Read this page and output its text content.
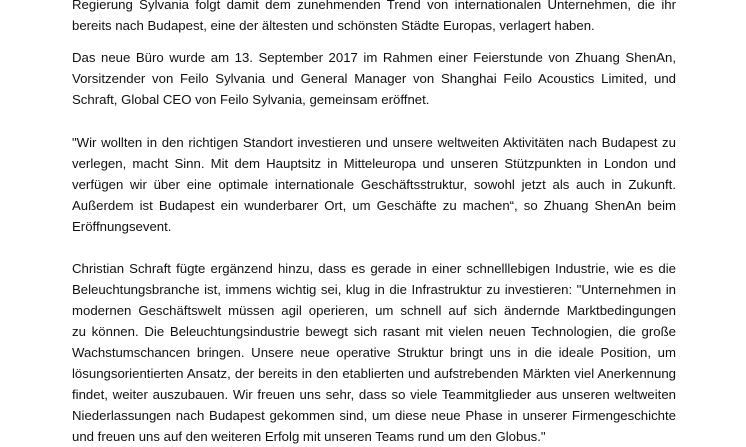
Regierung Sylvania folgt damit dem zunehmenden Trend von internationalen Unternehmen, die ihr
bereits nach Budapest, eine der ältesten und schönsten Städte Europas, verlagert haben.
Das neue Büro wurde am 13. September 2017 im Rahmen einer Feierstunde von Zhuang ShenAn,
Vorsitzender von Feilo Sylvania und General Manager von Shanghai Feilo Acoustics Limited, und
Schraft, Global CEO von Feilo Sylvania, gemeinsam eröffnet.
"Wir wollten in den richtigen Standort investieren und unsere weltweiten Aktivitäten nach Budapest zu
verlegen, macht Sinn. Mit dem Hauptsitz in Mitteleuropa und unseren Stützpunkten in London und
verfügen wir über eine optimale internationale Geschäftsstruktur, sowohl jetzt als auch in Zukunft.
Außerdem ist Budapest ein wunderbarer Ort, um Geschäfte zu machen“, so Zhuang ShenAn beim
Eröffnungsevent.
Christian Schraft fügte ergänzend hinzu, dass es gerade in einer schnelllebigen Industrie, wie es die
Beleuchtungsbranche ist, immens wichtig sei, klug in die Infrastruktur zu investieren: "Unternehmen in
modernen Geschäftswelt müssen agil operieren, um schnell auf sich ändernde Marktbedingungen
zu können. Die Beleuchtungsindustrie bewegt sich rasant mit vielen neuen Technologien, die große
Wachstumschancen bringen. Unsere neue operative Struktur bringt uns in die ideale Position, um
lösungsorientierten Ansatz, der bereits in den etablierten und aufstrebenden Märkten viel Anerkennung
findet, weiter auszubauen. Wir freuen uns sehr, dass so viele Teammitglieder aus unseren weltweiten
Niederlassungen nach Budapest gekommen sind, um diese neue Phase in unserer Firmengeschichte
und freuen uns auf den weiteren Erfolg mit unseren Teams rund um den Globus."
